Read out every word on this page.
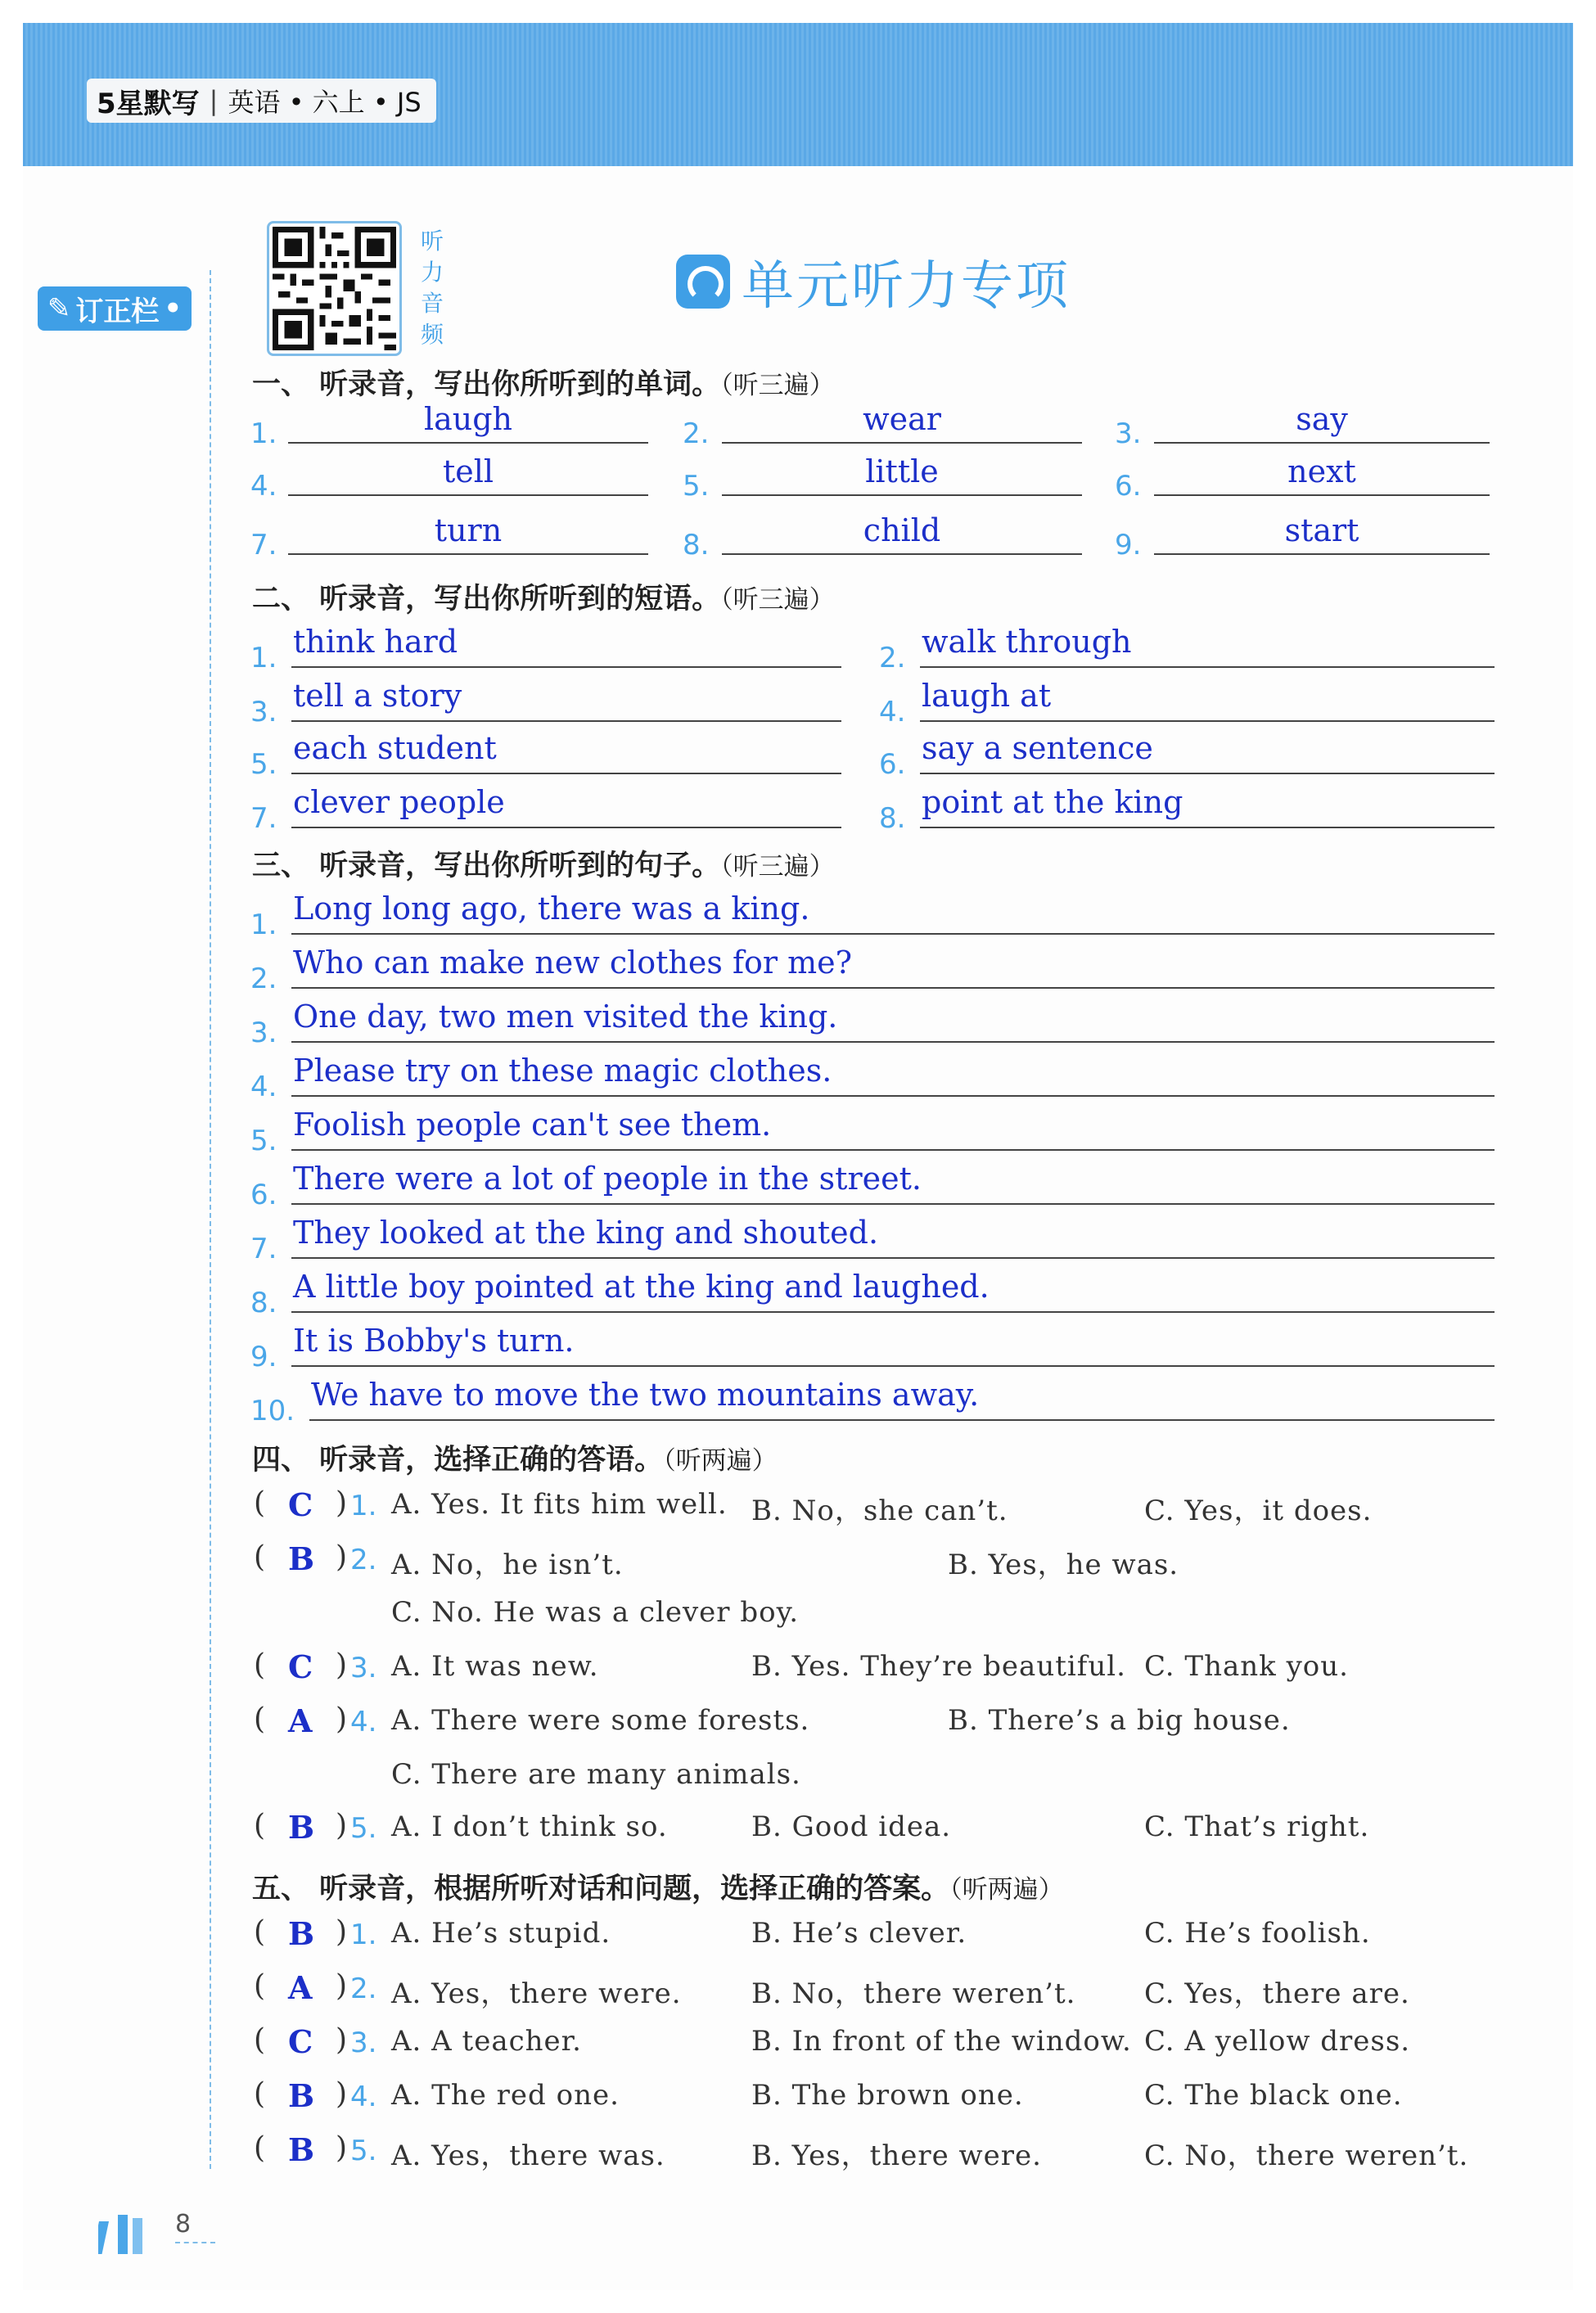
5星默写 | 英语 • 六上 • JS
✎ 订正栏 •
听
力
音
频
单元听力专项
一、 听录音，写出你所听到的单词。（听三遍）
1.	laugh	2.	wear	3.	say
4.	tell	5.	little	6.	next
7.	turn	8.	child	9.	start
二、 听录音，写出你所听到的短语。（听三遍）
1. think hard	2. walk through
3. tell a story	4. laugh at
5. each student	6. say a sentence
7. clever people	8. point at the king
三、 听录音，写出你所听到的句子。（听三遍）
1. Long long ago, there was a king.
2. Who can make new clothes for me?
3. One day, two men visited the king.
4. Please try on these magic clothes.
5. Foolish people can't see them.
6. There were a lot of people in the street.
7. They looked at the king and shouted.
8. A little boy pointed at the king and laughed.
9. It is Bobby's turn.
10. We have to move the two mountains away.
四、 听录音，选择正确的答语。（听两遍）
( C ) 1. A. Yes. It fits him well. B. No，she can’t.	C. Yes，it does.
( B ) 2. A. No，he isn’t.	B. Yes，he was.
C. No. He was a clever boy.
( C ) 3. A. It was new.	B. Yes. They’re beautiful. C. Thank you.
( A ) 4. A. There were some forests.	B. There’s a big house.
C. There are many animals.
( B ) 5. A. I don’t think so.	B. Good idea.	C. That’s right.
五、 听录音，根据所听对话和问题，选择正确的答案。（听两遍）
( B ) 1. A. He’s stupid.	B. He’s clever.	C. He’s foolish.
( A ) 2. A. Yes，there were.	B. No，there weren’t. C. Yes，there are.
( C ) 3. A. A teacher.	B. In front of the window. C. A yellow dress.
( B ) 4. A. The red one.	B. The brown one.	C. The black one.
( B ) 5. A. Yes，there was.	B. Yes，there were.	C. No，there weren’t.
8
